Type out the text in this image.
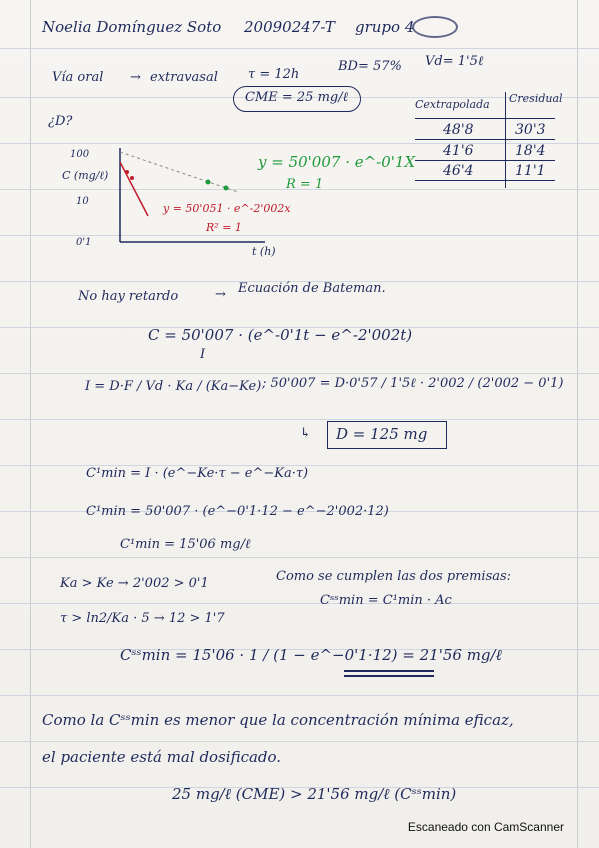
Noelia Domínguez Soto 20090247-T grupo 4
Vía oral → extravasal τ = 12h
BD= 57% Vd= 1'5ℓ
CME = 25 mg/ℓ
¿D?
Cextrapolada Cresidual
48'8	30'3
41'6	18'4
46'4	11'1
100
10
0'1
C (mg/ℓ)
t (h)
y = 50'007 · e^-0'1X
R = 1
y = 50'051 · e^-2'002x
R² = 1
No hay retardo	→ Ecuación de Bateman.
C = 50'007 · (e^-0'1t − e^-2'002t)
I
I = D·F / Vd · Ka / (Ka−Ke) ; 50'007 = D·0'57 / 1'5ℓ · 2'002 / (2'002 − 0'1)
↳ D = 125 mg
C¹min = I · (e^−Ke·τ − e^−Ka·τ)
C¹min = 50'007 · (e^−0'1·12 − e^−2'002·12)
C¹min = 15'06 mg/ℓ
Ka > Ke → 2'002 > 0'1
τ > ln2/Ka · 5 → 12 > 1'7
Como se cumplen las dos premisas:
Cˢˢmin = C¹min · Ac
Cˢˢmin = 15'06 · 1 / (1 − e^−0'1·12) = 21'56 mg/ℓ
Como la Cˢˢmin es menor que la concentración mínima eficaz,
el paciente está mal dosificado.
25 mg/ℓ (CME) > 21'56 mg/ℓ (Cˢˢmin)
Escaneado con CamScanner
